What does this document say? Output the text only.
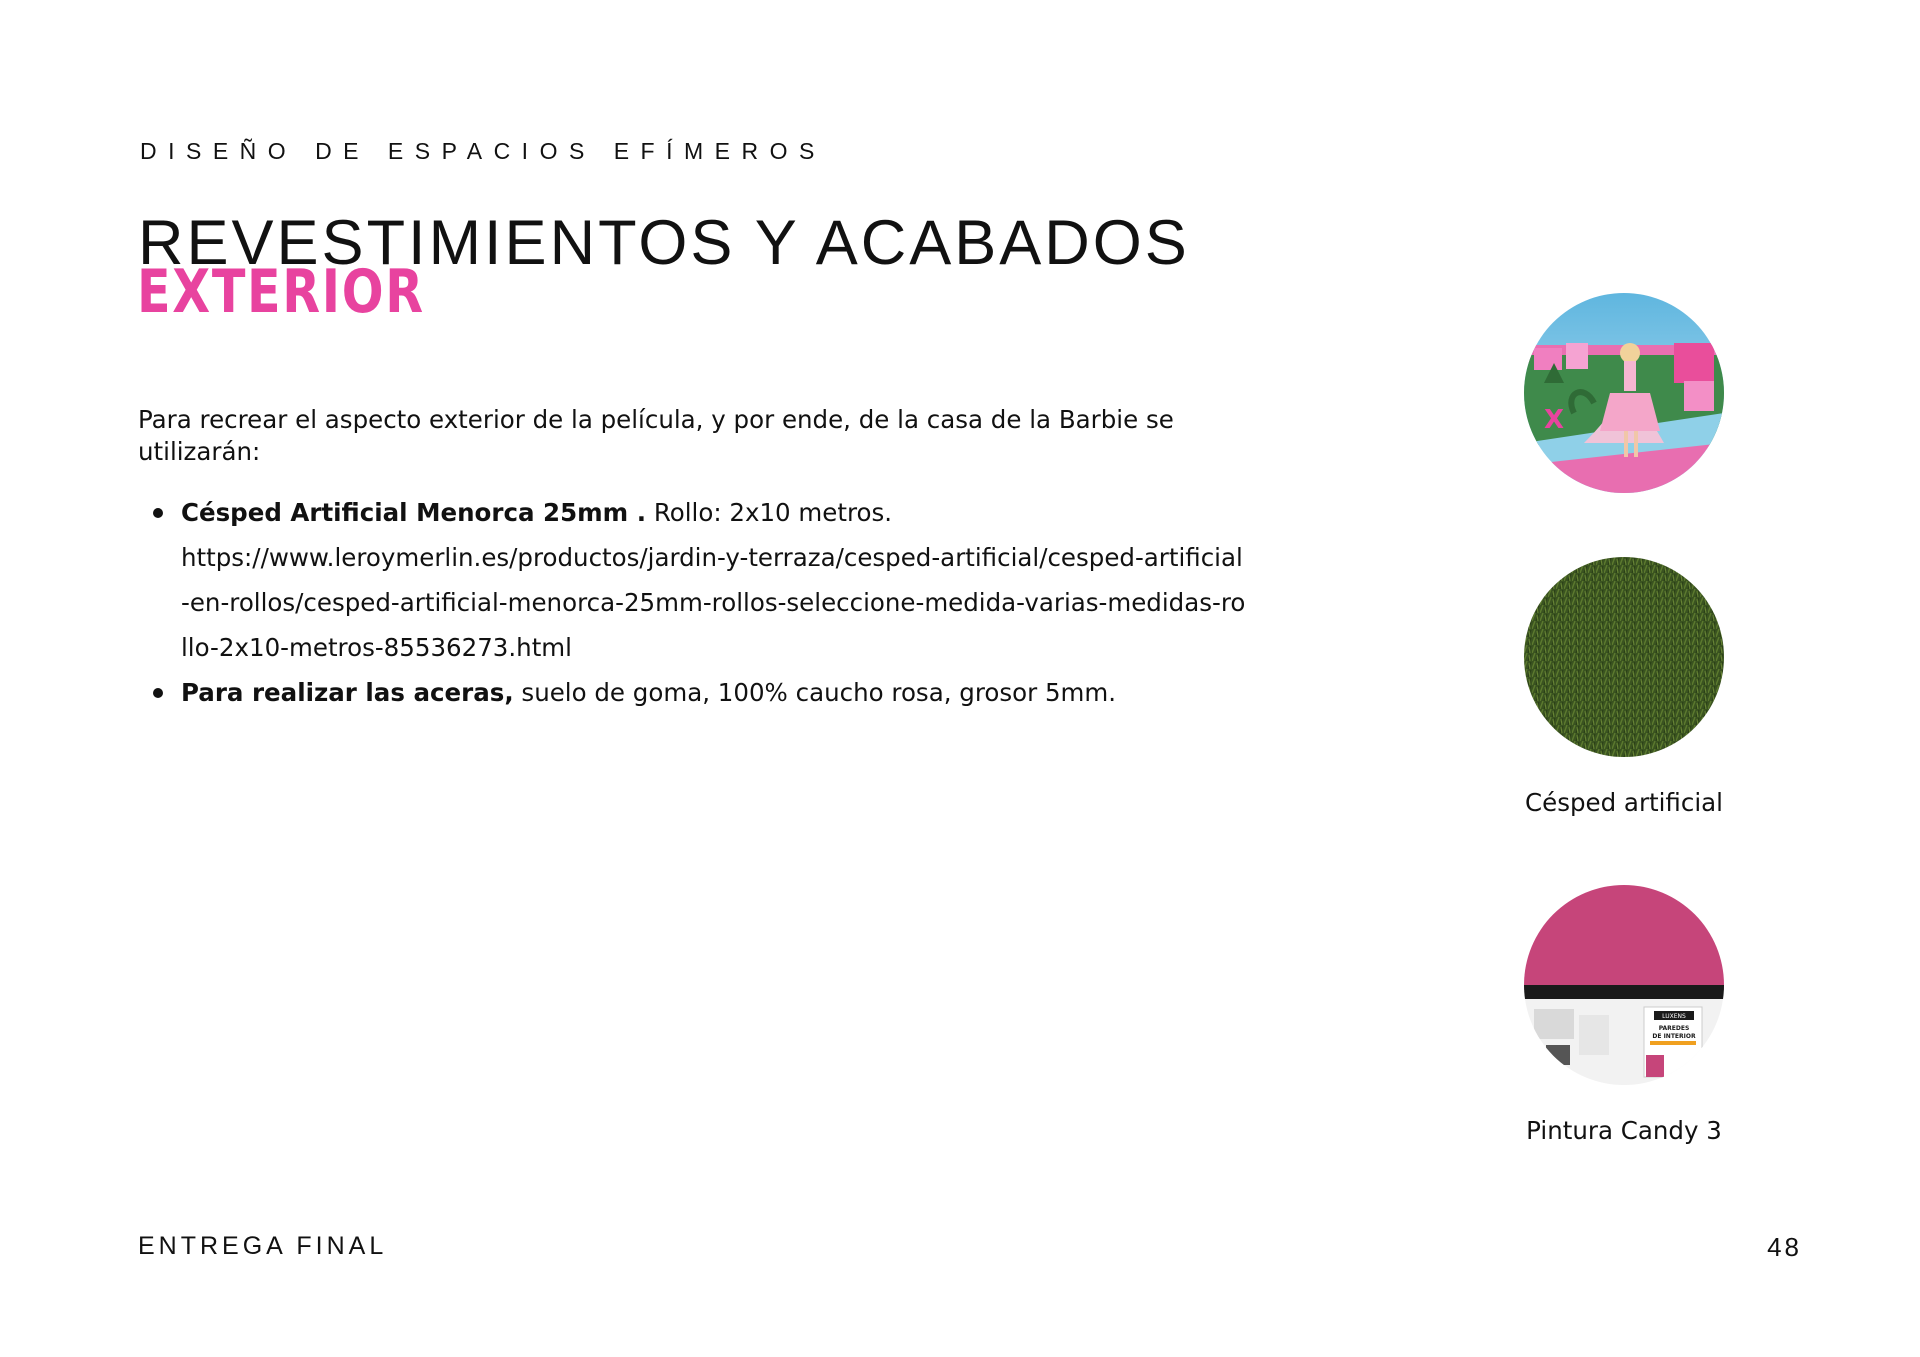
DISEÑO DE ESPACIOS EFÍMEROS
REVESTIMIENTOS Y ACABADOS
EXTERIOR
Para recrear el aspecto exterior de la película, y por ende, de la casa de la Barbie se utilizarán:
Césped Artificial Menorca 25mm . Rollo: 2x10 metros.
https://www.leroymerlin.es/productos/jardin-y-terraza/cesped-artificial/cesped-artificial-en-rollos/cesped-artificial-menorca-25mm-rollos-seleccione-medida-varias-medidas-rollo-2x10-metros-85536273.html
Para realizar las aceras, suelo de goma, 100% caucho rosa, grosor 5mm.
X
Césped artificial
LUXENS
PAREDES
DE INTERIOR
Pintura Candy 3
ENTREGA FINAL	48
